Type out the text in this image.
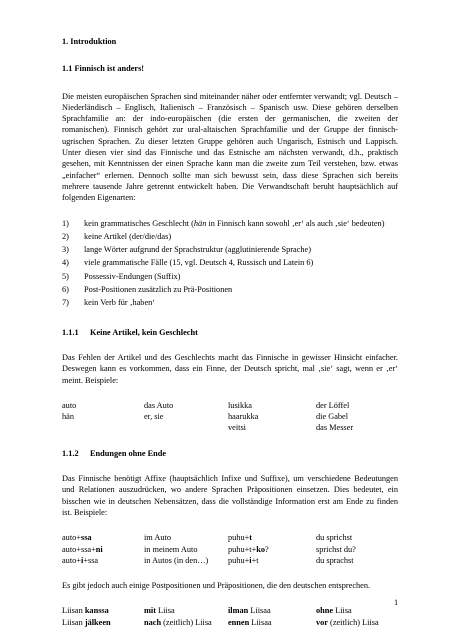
1. Introduktion
1.1 Finnisch ist anders!

Die meisten europäischen Sprachen sind miteinander näher oder entfernter verwandt; vgl. Deutsch – Niederländisch – Englisch, Italienisch – Französisch – Spanisch usw. Diese gehören derselben Sprachfamilie an: der indo-europäischen (die ersten der germanischen, die zweiten der romanischen). Finnisch gehört zur ural-altaischen Sprachfamilie und der Gruppe der finnisch-ugrischen Sprachen. Zu dieser letzten Gruppe gehören auch Ungarisch, Estnisch und Lappisch. Unter diesen vier sind das Finnische und das Estnische am nächsten verwandt, d.h., praktisch gesehen, mit Kenntnissen der einen Sprache kann man die zweite zum Teil verstehen, bzw. etwas „einfacher“ erlernen. Dennoch sollte man sich bewusst sein, dass diese Sprachen sich bereits mehrere tausende Jahre getrennt entwickelt haben. Die Verwandtschaft beruht hauptsächlich auf folgenden Eigenarten:

1) kein grammatisches Geschlecht (hän in Finnisch kann sowohl ‚er‘ als auch ‚sie‘ bedeuten)
2) keine Artikel (der/die/das)
3) lange Wörter aufgrund der Sprachstruktur (agglutinierende Sprache)
4) viele grammatische Fälle (15, vgl. Deutsch 4, Russisch und Latein 6)
5) Possessiv-Endungen (Suffix)
6) Post-Positionen zusätzlich zu Prä-Positionen
7) kein Verb für ‚haben‘
1.1.1 Keine Artikel, kein Geschlecht

Das Fehlen der Artikel und des Geschlechts macht das Finnische in gewisser Hinsicht einfacher. Deswegen kann es vorkommen, dass ein Finne, der Deutsch spricht, mal ‚sie‘ sagt, wenn er ‚er‘ meint. Beispiele:

auto	das Auto	lusikka	der Löffel
hän	er, sie	haarukka	die Gabel
		veitsi	das Messer
1.1.2 Endungen ohne Ende

Das Finnische benötigt Affixe (hauptsächlich Infixe und Suffixe), um verschiedene Bedeutungen und Relationen auszudrücken, wo andere Sprachen Präpositionen einsetzen. Dies bedeutet, ein bisschen wie in deutschen Nebensätzen, dass die vollständige Information erst am Ende zu finden ist. Beispiele:

auto+ssa	im Auto	puhu+t	du sprichst
auto+ssa+ni	in meinem Auto	puhu+t+ko?	sprichst du?
auto+i+ssa	in Autos (in den…)	puhu+i+t	du sprachst

Es gibt jedoch auch einige Postpositionen und Präpositionen, die den deutschen entsprechen.

Liisan kanssa	mit Liisa	ilman Liisaa	ohne Liisa
Liisan jälkeen	nach (zeitlich) Liisa	ennen Liisaa	vor (zeitlich) Liisa
1
